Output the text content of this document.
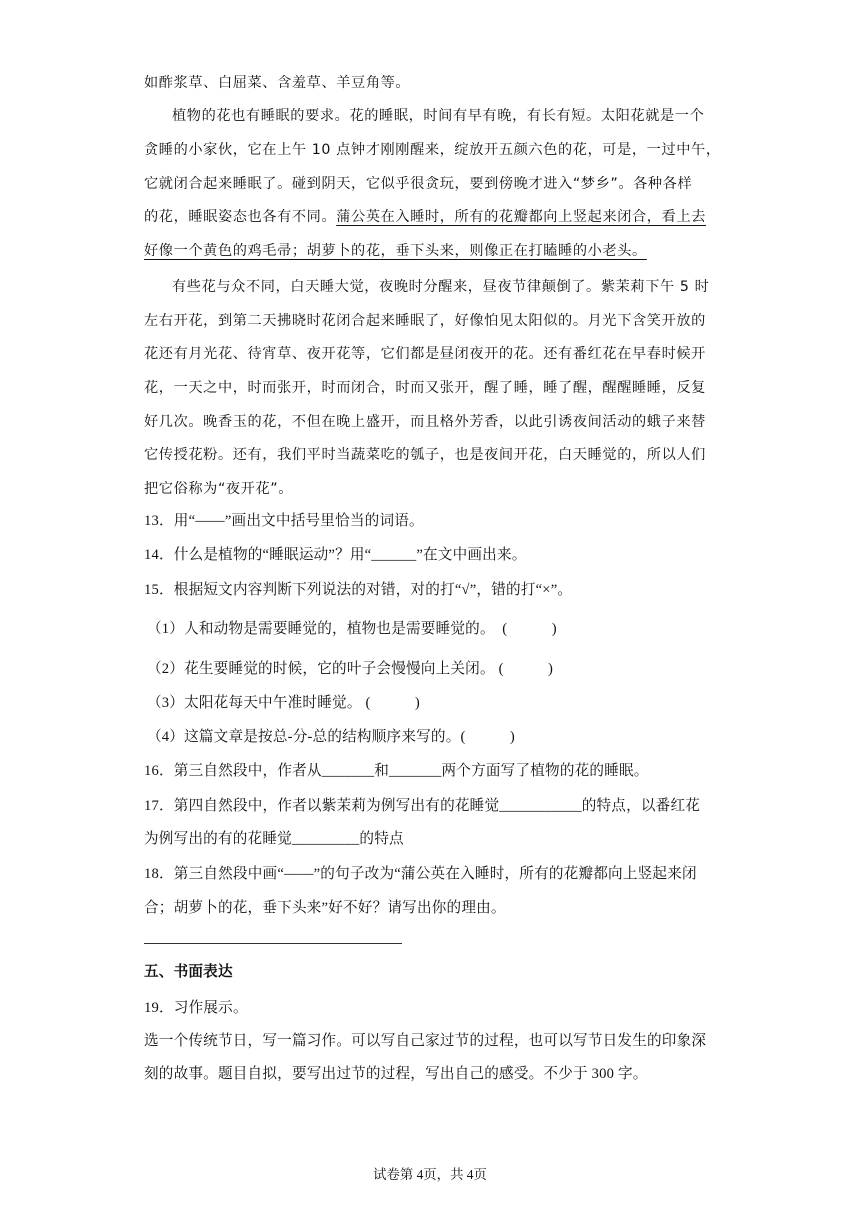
如酢浆草、白屈菜、含羞草、羊豆角等。
植物的花也有睡眠的要求。花的睡眠，时间有早有晚，有长有短。太阳花就是一个
贪睡的小家伙，它在上午 10 点钟才刚刚醒来，绽放开五颜六色的花，可是，一过中午，
它就闭合起来睡眠了。碰到阴天，它似乎很贪玩，要到傍晚才进入“梦乡”。各种各样
的花，睡眠姿态也各有不同。蒲公英在入睡时，所有的花瓣都向上竖起来闭合，看上去
好像一个黄色的鸡毛帚；胡萝卜的花，垂下头来，则像正在打瞌睡的小老头。
有些花与众不同，白天睡大觉，夜晚时分醒来，昼夜节律颠倒了。紫茉莉下午 5 时
左右开花，到第二天拂晓时花闭合起来睡眠了，好像怕见太阳似的。月光下含笑开放的
花还有月光花、待宵草、夜开花等，它们都是昼闭夜开的花。还有番红花在早春时候开
花，一天之中，时而张开，时而闭合，时而又张开，醒了睡，睡了醒，醒醒睡睡，反复
好几次。晚香玉的花，不但在晚上盛开，而且格外芳香，以此引诱夜间活动的蛾子来替
它传授花粉。还有，我们平时当蔬菜吃的瓠子，也是夜间开花，白天睡觉的，所以人们
把它俗称为“夜开花”。
13．用“——”画出文中括号里恰当的词语。
14．什么是植物的“睡眠运动”？用“______”在文中画出来。
15．根据短文内容判断下列说法的对错，对的打“√”，错的打“×”。
（1）人和动物是需要睡觉的，植物也是需要睡觉的。　(　　　)
（2）花生要睡觉的时候，它的叶子会慢慢向上关闭。 (　　　)
（3）太阳花每天中午准时睡觉。 (　　　)
（4）这篇文章是按总-分-总的结构顺序来写的。(　　　)
16．第三自然段中，作者从_______和_______两个方面写了植物的花的睡眠。
17．第四自然段中，作者以紫茉莉为例写出有的花睡觉___________的特点，以番红花
为例写出的有的花睡觉_________的特点
18．第三自然段中画“——”的句子改为“蒲公英在入睡时，所有的花瓣都向上竖起来闭
合；胡萝卜的花，垂下头来”好不好？请写出你的理由。
五、书面表达
19．习作展示。
选一个传统节日，写一篇习作。可以写自己家过节的过程，也可以写节日发生的印象深
刻的故事。题目自拟，要写出过节的过程，写出自己的感受。不少于 300 字。
试卷第 4页，共 4页
